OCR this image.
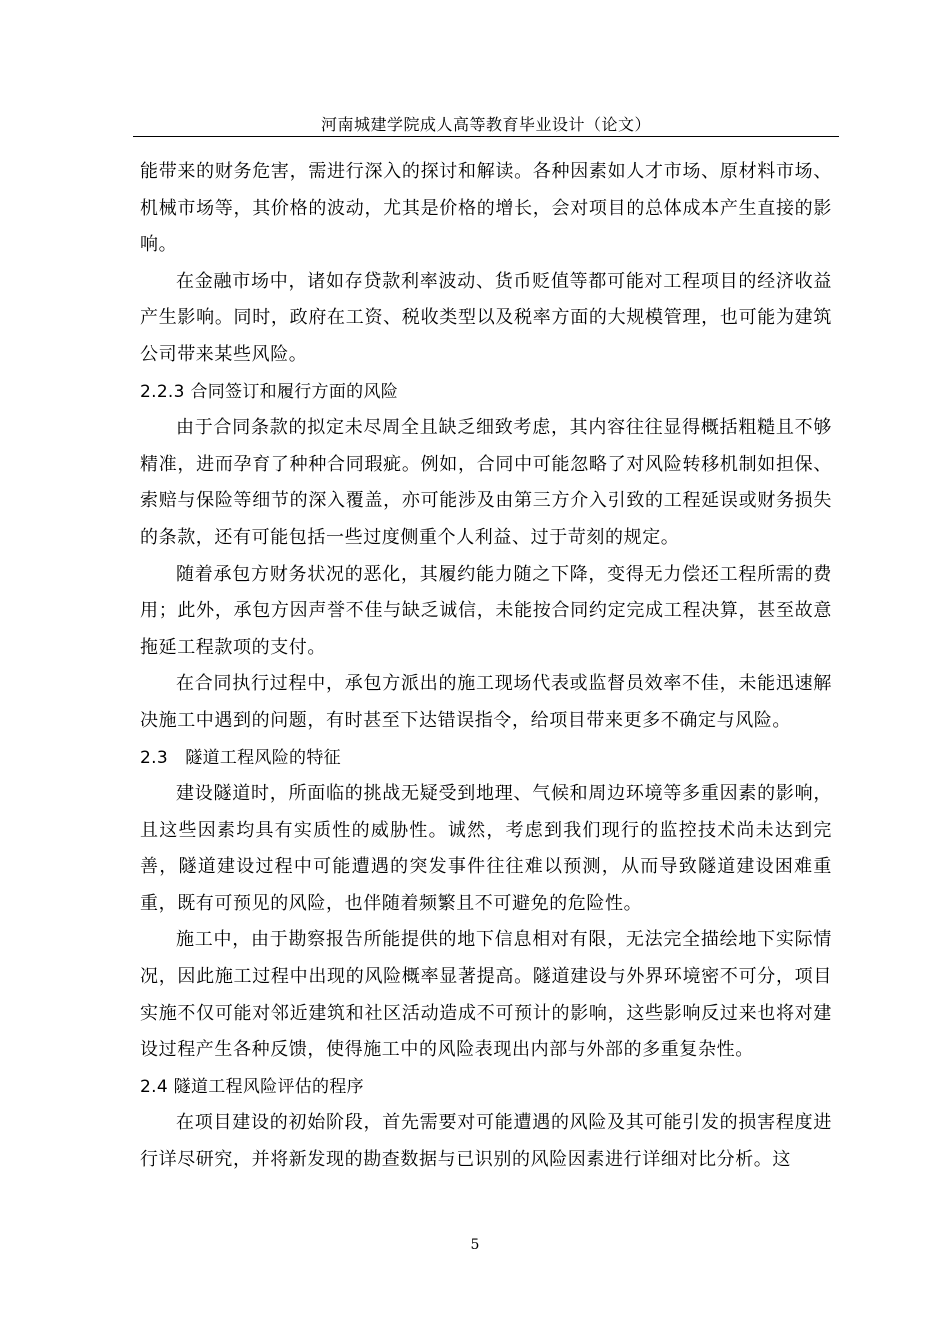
河南城建学院成人高等教育毕业设计（论文）

能带来的财务危害，需进行深入的探讨和解读。各种因素如人才市场、原材料市场、机械市场等，其价格的波动，尤其是价格的增长，会对项目的总体成本产生直接的影响。

在金融市场中，诸如存贷款利率波动、货币贬值等都可能对工程项目的经济收益产生影响。同时，政府在工资、税收类型以及税率方面的大规模管理，也可能为建筑公司带来某些风险。

2.2.3 合同签订和履行方面的风险

由于合同条款的拟定未尽周全且缺乏细致考虑，其内容往往显得概括粗糙且不够精准，进而孕育了种种合同瑕疵。例如，合同中可能忽略了对风险转移机制如担保、索赔与保险等细节的深入覆盖，亦可能涉及由第三方介入引致的工程延误或财务损失的条款，还有可能包括一些过度侧重个人利益、过于苛刻的规定。

随着承包方财务状况的恶化，其履约能力随之下降，变得无力偿还工程所需的费用；此外，承包方因声誉不佳与缺乏诚信，未能按合同约定完成工程决算，甚至故意拖延工程款项的支付。

在合同执行过程中，承包方派出的施工现场代表或监督员效率不佳，未能迅速解决施工中遇到的问题，有时甚至下达错误指令，给项目带来更多不确定与风险。

2.3　隧道工程风险的特征

建设隧道时，所面临的挑战无疑受到地理、气候和周边环境等多重因素的影响，且这些因素均具有实质性的威胁性。诚然，考虑到我们现行的监控技术尚未达到完善，隧道建设过程中可能遭遇的突发事件往往难以预测，从而导致隧道建设困难重重，既有可预见的风险，也伴随着频繁且不可避免的危险性。

施工中，由于勘察报告所能提供的地下信息相对有限，无法完全描绘地下实际情况，因此施工过程中出现的风险概率显著提高。隧道建设与外界环境密不可分，项目实施不仅可能对邻近建筑和社区活动造成不可预计的影响，这些影响反过来也将对建设过程产生各种反馈，使得施工中的风险表现出内部与外部的多重复杂性。

2.4 隧道工程风险评估的程序

在项目建设的初始阶段，首先需要对可能遭遇的风险及其可能引发的损害程度进行详尽研究，并将新发现的勘查数据与已识别的风险因素进行详细对比分析。这

5
